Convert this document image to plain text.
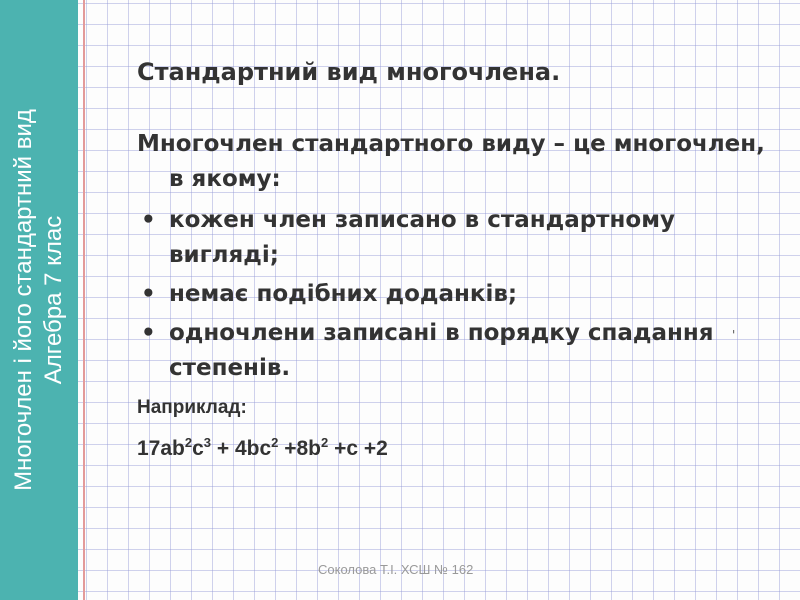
Многочлен і його стандартний вид Алгебра 7 клас
Стандартний вид многочлена.

Многочлен стандартного виду – це многочлен, в якому:

• кожен член записано в стандартному вигляді;
• немає подібних доданків;
• одночлени записані в порядку спадання степенів.

Наприклад:

$17ab^2c^3 + 4bc^2 +8b^2 +c +2$

'
Соколова Т.І. ХСШ № 162
